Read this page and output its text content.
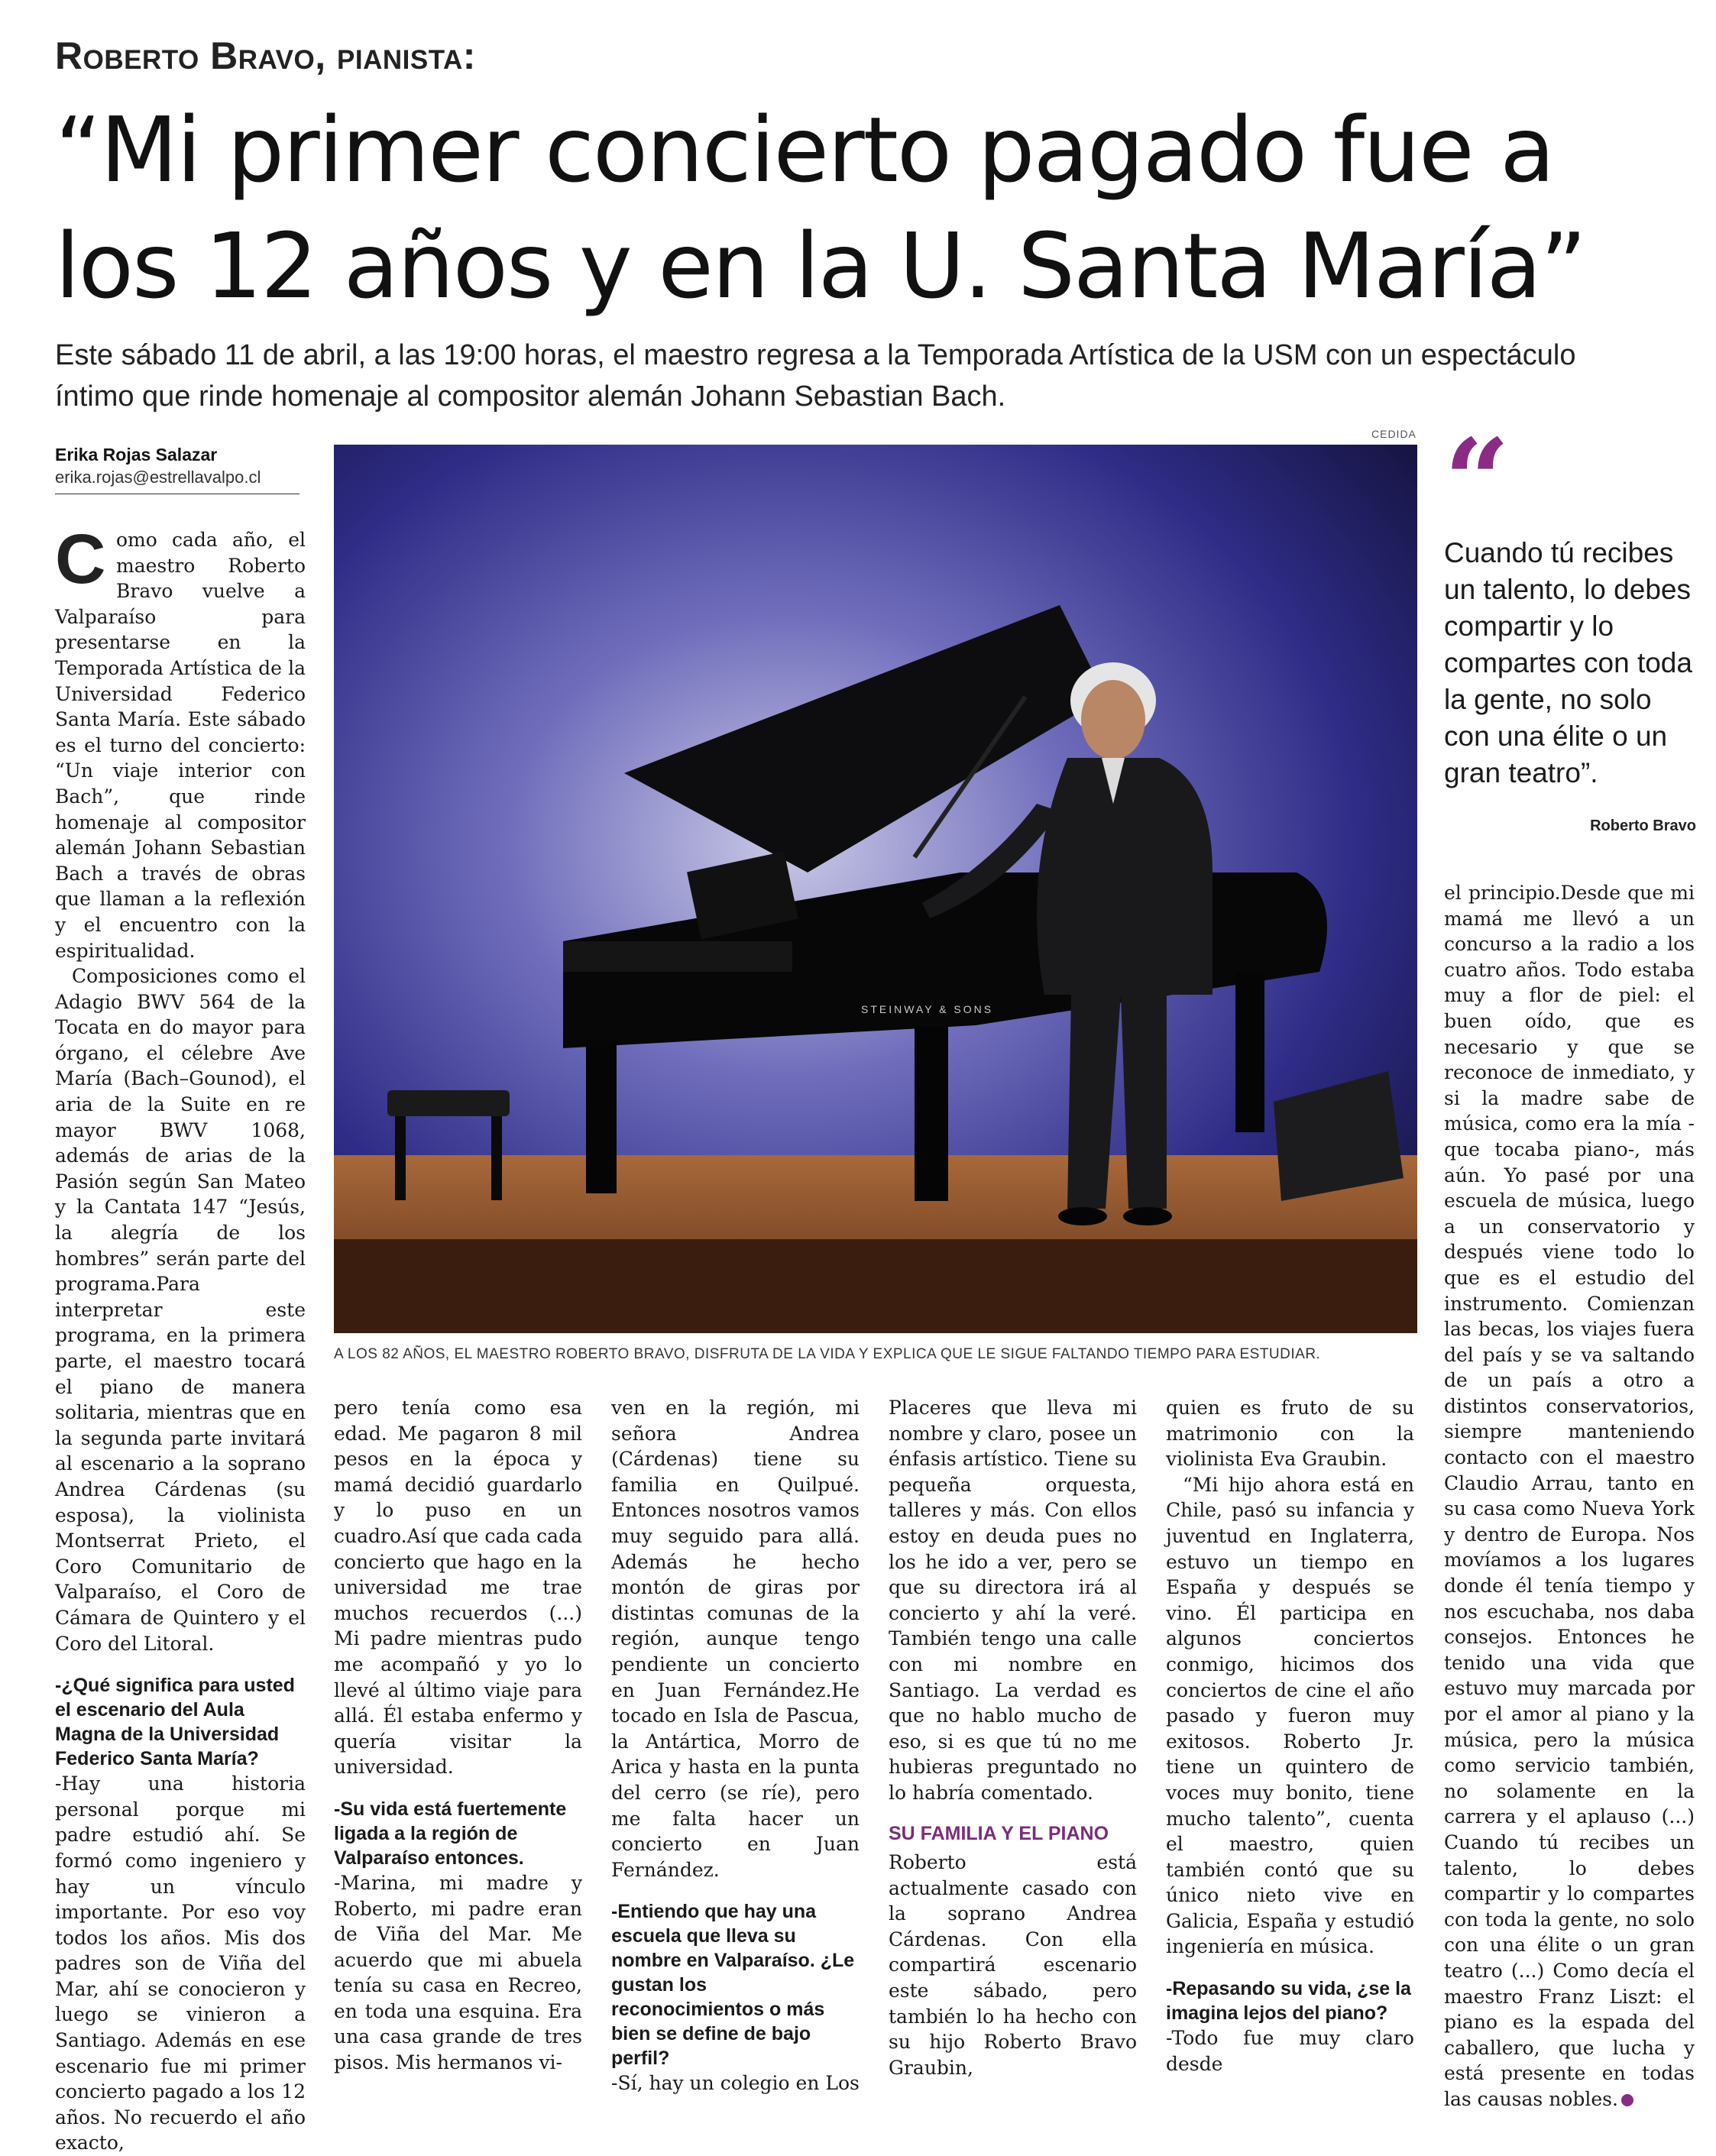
Roberto Bravo, pianista:
“Mi primer concierto pagado fue a
los 12 años y en la U. Santa María”
Este sábado 11 de abril, a las 19:00 horas, el maestro regresa a la Temporada Artística de la USM con un espectáculo íntimo que rinde homenaje al compositor alemán Johann Sebastian Bach.
Erika Rojas Salazar
erika.rojas@estrellavalpo.cl
CEDIDA
STEINWAY & SONS
A LOS 82 AÑOS, EL MAESTRO ROBERTO BRAVO, DISFRUTA DE LA VIDA Y EXPLICA QUE LE SIGUE FALTANDO TIEMPO PARA ESTUDIAR.
“
Cuando tú recibes un talento, lo debes compartir y lo compartes con toda la gente, no solo con una élite o un gran teatro”.
Roberto Bravo

Como cada año, el maestro Roberto Bravo vuelve a Valparaíso para presentarse en la Temporada Artística de la Universidad Federico Santa María. Este sábado es el turno del concierto: “Un viaje interior con Bach”, que rinde homenaje al compositor alemán Johann Sebastian Bach a través de obras que llaman a la reflexión y el encuentro con la espiritualidad.

Composiciones como el Adagio BWV 564 de la Tocata en do mayor para órgano, el célebre Ave María (Bach–Gounod), el aria de la Suite en re mayor BWV 1068, además de arias de la Pasión según San Mateo y la Cantata 147 “Jesús, la alegría de los hombres” serán parte del programa.Para interpretar este programa, en la primera parte, el maestro tocará el piano de manera solitaria, mientras que en la segunda parte invitará al escenario a la soprano Andrea Cárdenas (su esposa), la violinista Montserrat Prieto, el Coro Comunitario de Valparaíso, el Coro de Cámara de Quintero y el Coro del Litoral.

-¿Qué significa para usted el escenario del Aula Magna de la Universidad Federico Santa María?

-Hay una historia personal porque mi padre estudió ahí. Se formó como ingeniero y hay un vínculo importante. Por eso voy todos los años. Mis dos padres son de Viña del Mar, ahí se conocieron y luego se vinieron a Santiago. Además en ese escenario fue mi primer concierto pagado a los 12 años. No recuerdo el año exacto,

pero tenía como esa edad. Me pagaron 8 mil pesos en la época y mamá decidió guardarlo y lo puso en un cuadro.Así que cada cada concierto que hago en la universidad me trae muchos recuerdos (...) Mi padre mientras pudo me acompañó y yo lo llevé al último viaje para allá. Él estaba enfermo y quería visitar la universidad.

-Su vida está fuertemente ligada a la región de Valparaíso entonces.

-Marina, mi madre y Roberto, mi padre eran de Viña del Mar. Me acuerdo que mi abuela tenía su casa en Recreo, en toda una esquina. Era una casa grande de tres pisos. Mis hermanos vi-

ven en la región, mi señora Andrea (Cárdenas) tiene su familia en Quilpué. Entonces nosotros vamos muy seguido para allá. Además he hecho montón de giras por distintas comunas de la región, aunque tengo pendiente un concierto en Juan Fernández.He tocado en Isla de Pascua, la Antártica, Morro de Arica y hasta en la punta del cerro (se ríe), pero me falta hacer un concierto en Juan Fernández.

-Entiendo que hay una escuela que lleva su nombre en Valparaíso. ¿Le gustan los reconocimientos o más bien se define de bajo perfil?

-Sí, hay un colegio en Los

Placeres que lleva mi nombre y claro, posee un énfasis artístico. Tiene su pequeña orquesta, talleres y más. Con ellos estoy en deuda pues no los he ido a ver, pero se que su directora irá al concierto y ahí la veré. También tengo una calle con mi nombre en Santiago. La verdad es que no hablo mucho de eso, si es que tú no me hubieras preguntado no lo habría comentado.

SU FAMILIA Y EL PIANO

Roberto está actualmente casado con la soprano Andrea Cárdenas. Con ella compartirá escenario este sábado, pero también lo ha hecho con su hijo Roberto Bravo Graubin,

quien es fruto de su matrimonio con la violinista Eva Graubin.

“Mi hijo ahora está en Chile, pasó su infancia y juventud en Inglaterra, estuvo un tiempo en España y después se vino. Él participa en algunos conciertos conmigo, hicimos dos conciertos de cine el año pasado y fueron muy exitosos. Roberto Jr. tiene un quintero de voces muy bonito, tiene mucho talento”, cuenta el maestro, quien también contó que su único nieto vive en Galicia, España y estudió ingeniería en música.

-Repasando su vida, ¿se la imagina lejos del piano?

-Todo fue muy claro desde

el principio.Desde que mi mamá me llevó a un concurso a la radio a los cuatro años. Todo estaba muy a flor de piel: el buen oído, que es necesario y que se reconoce de inmediato, y si la madre sabe de música, como era la mía - que tocaba piano-, más aún. Yo pasé por una escuela de música, luego a un conservatorio y después viene todo lo que es el estudio del instrumento. Comienzan las becas, los viajes fuera del país y se va saltando de un país a otro a distintos conservatorios, siempre manteniendo contacto con el maestro Claudio Arrau, tanto en su casa como Nueva York y dentro de Europa. Nos movíamos a los lugares donde él tenía tiempo y nos escuchaba, nos daba consejos. Entonces he tenido una vida que estuvo muy marcada por por el amor al piano y la música, pero la música como servicio también, no solamente en la carrera y el aplauso (...) Cuando tú recibes un talento, lo debes compartir y lo compartes con toda la gente, no solo con una élite o un gran teatro (...) Como decía el maestro Franz Liszt: el piano es la espada del caballero, que lucha y está presente en todas las causas nobles.
